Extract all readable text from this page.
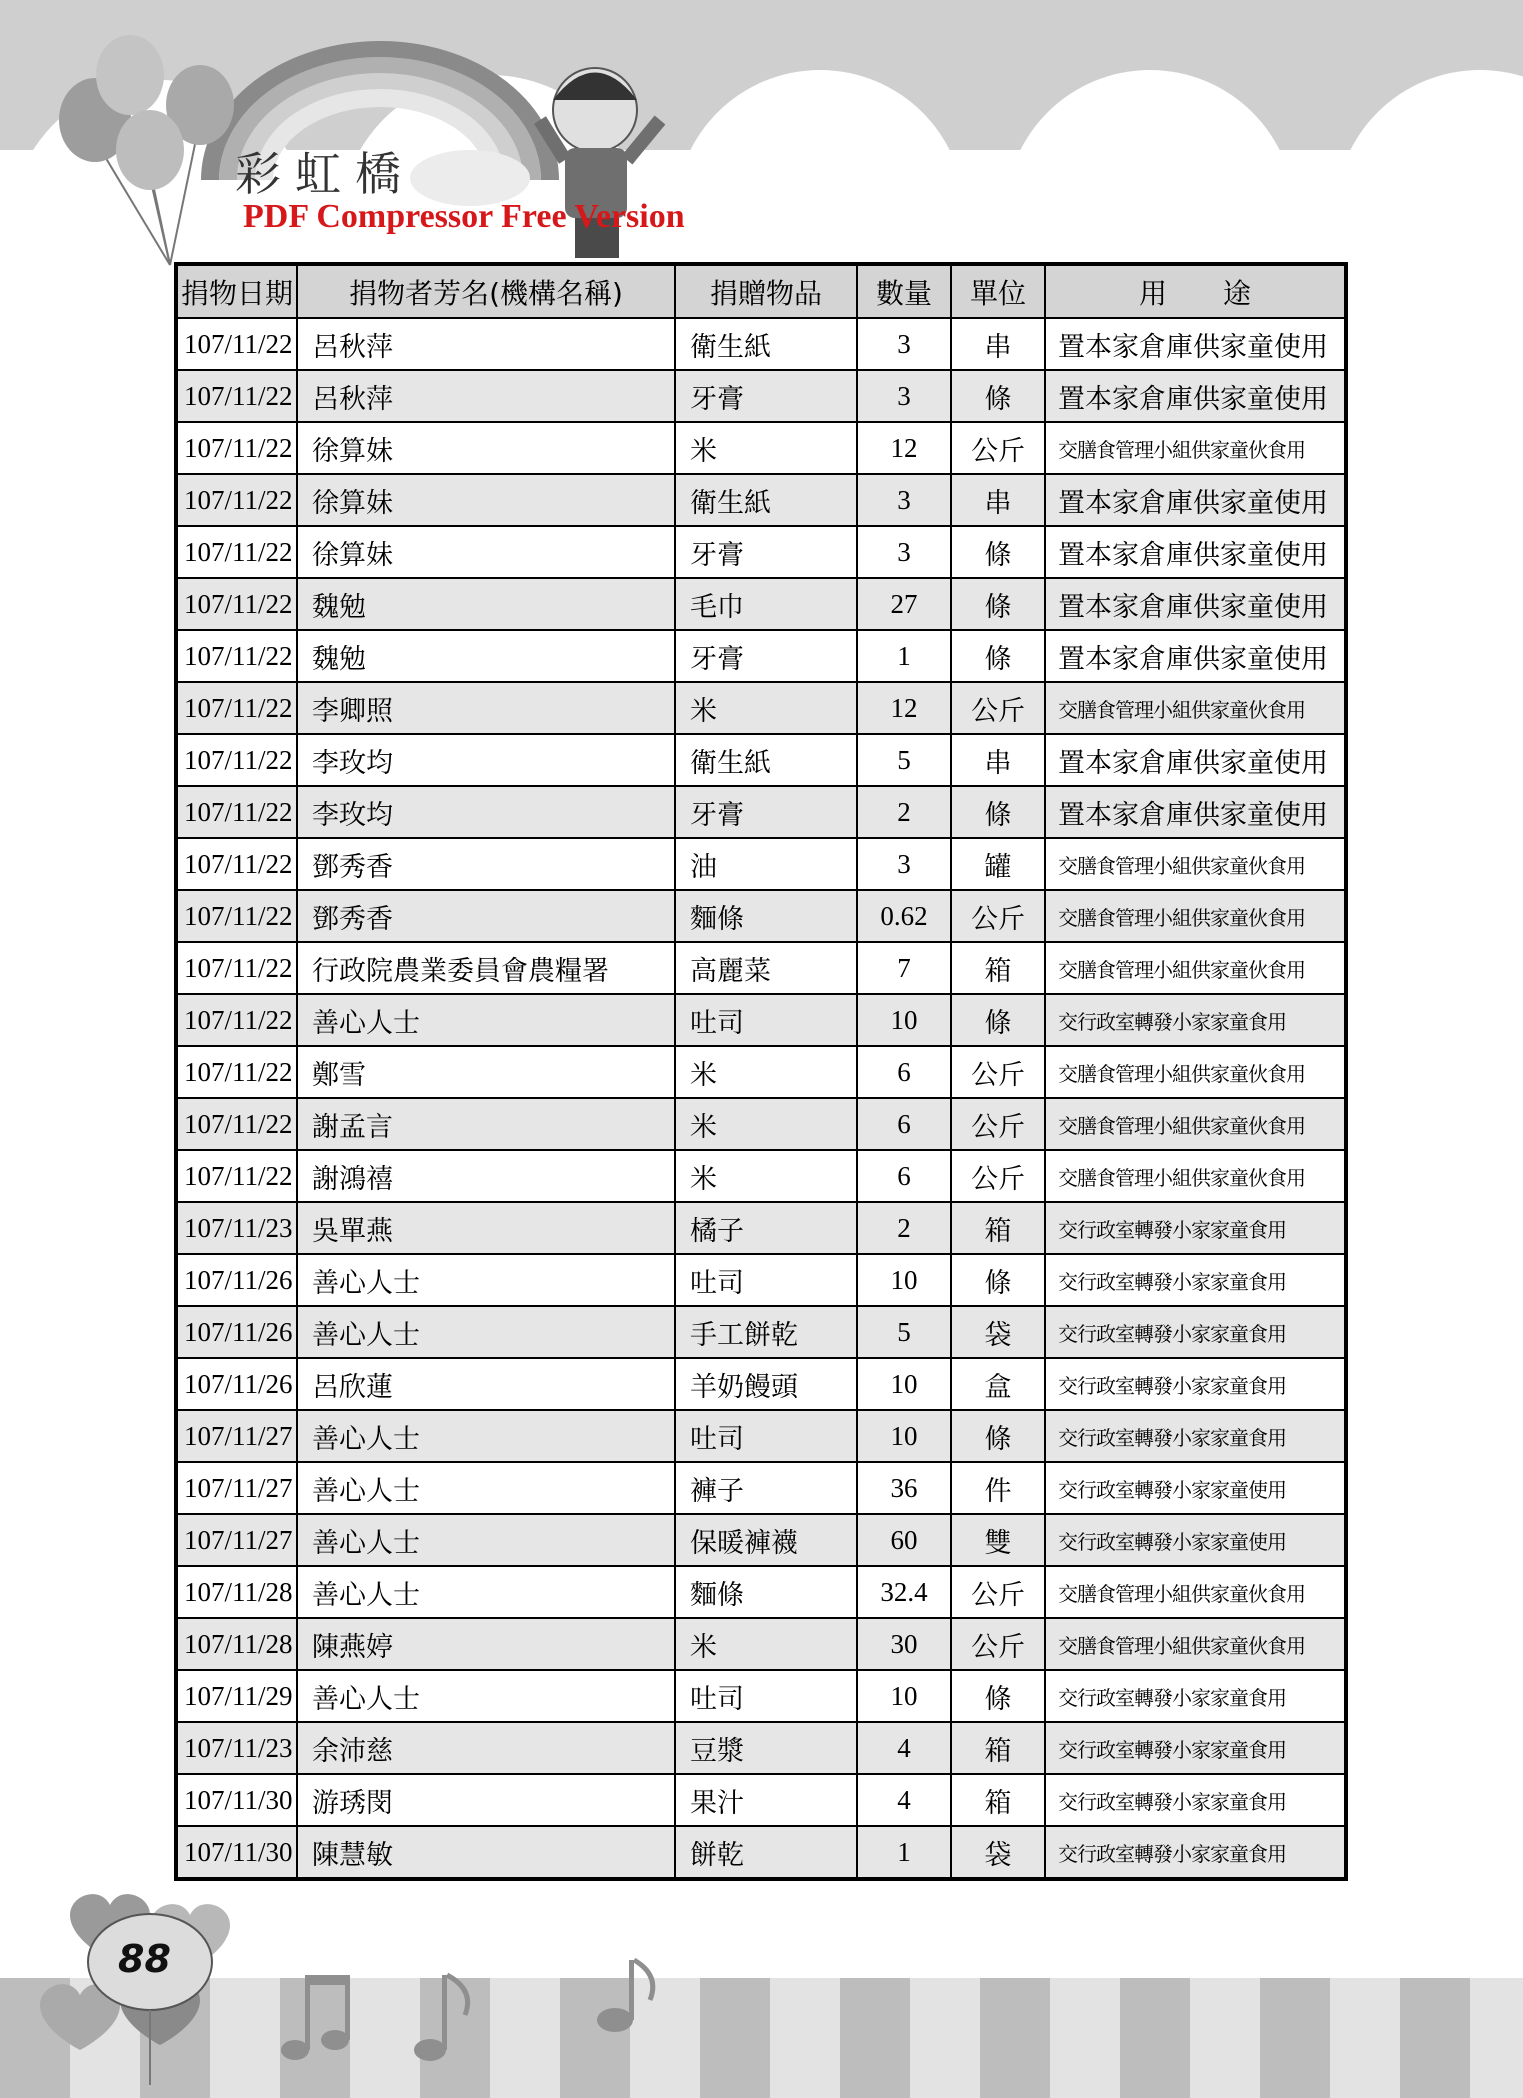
彩虹橋
PDF Compressor Free Version
捐物日期	捐物者芳名(機構名稱)	捐贈物品	數量	單位	用　　途
107/11/22	呂秋萍	衛生紙	3	串	置本家倉庫供家童使用
107/11/22	呂秋萍	牙膏	3	條	置本家倉庫供家童使用
107/11/22	徐算妹	米	12	公斤	交膳食管理小組供家童伙食用
107/11/22	徐算妹	衛生紙	3	串	置本家倉庫供家童使用
107/11/22	徐算妹	牙膏	3	條	置本家倉庫供家童使用
107/11/22	魏勉	毛巾	27	條	置本家倉庫供家童使用
107/11/22	魏勉	牙膏	1	條	置本家倉庫供家童使用
107/11/22	李卿照	米	12	公斤	交膳食管理小組供家童伙食用
107/11/22	李玫均	衛生紙	5	串	置本家倉庫供家童使用
107/11/22	李玫均	牙膏	2	條	置本家倉庫供家童使用
107/11/22	鄧秀香	油	3	罐	交膳食管理小組供家童伙食用
107/11/22	鄧秀香	麵條	0.62	公斤	交膳食管理小組供家童伙食用
107/11/22	行政院農業委員會農糧署	高麗菜	7	箱	交膳食管理小組供家童伙食用
107/11/22	善心人士	吐司	10	條	交行政室轉發小家家童食用
107/11/22	鄭雪	米	6	公斤	交膳食管理小組供家童伙食用
107/11/22	謝孟言	米	6	公斤	交膳食管理小組供家童伙食用
107/11/22	謝鴻禧	米	6	公斤	交膳食管理小組供家童伙食用
107/11/23	吳單燕	橘子	2	箱	交行政室轉發小家家童食用
107/11/26	善心人士	吐司	10	條	交行政室轉發小家家童食用
107/11/26	善心人士	手工餅乾	5	袋	交行政室轉發小家家童食用
107/11/26	呂欣蓮	羊奶饅頭	10	盒	交行政室轉發小家家童食用
107/11/27	善心人士	吐司	10	條	交行政室轉發小家家童食用
107/11/27	善心人士	褲子	36	件	交行政室轉發小家家童使用
107/11/27	善心人士	保暖褲襪	60	雙	交行政室轉發小家家童使用
107/11/28	善心人士	麵條	32.4	公斤	交膳食管理小組供家童伙食用
107/11/28	陳燕婷	米	30	公斤	交膳食管理小組供家童伙食用
107/11/29	善心人士	吐司	10	條	交行政室轉發小家家童食用
107/11/23	余沛慈	豆漿	4	箱	交行政室轉發小家家童食用
107/11/30	游琇閔	果汁	4	箱	交行政室轉發小家家童食用
107/11/30	陳慧敏	餅乾	1	袋	交行政室轉發小家家童食用
88
